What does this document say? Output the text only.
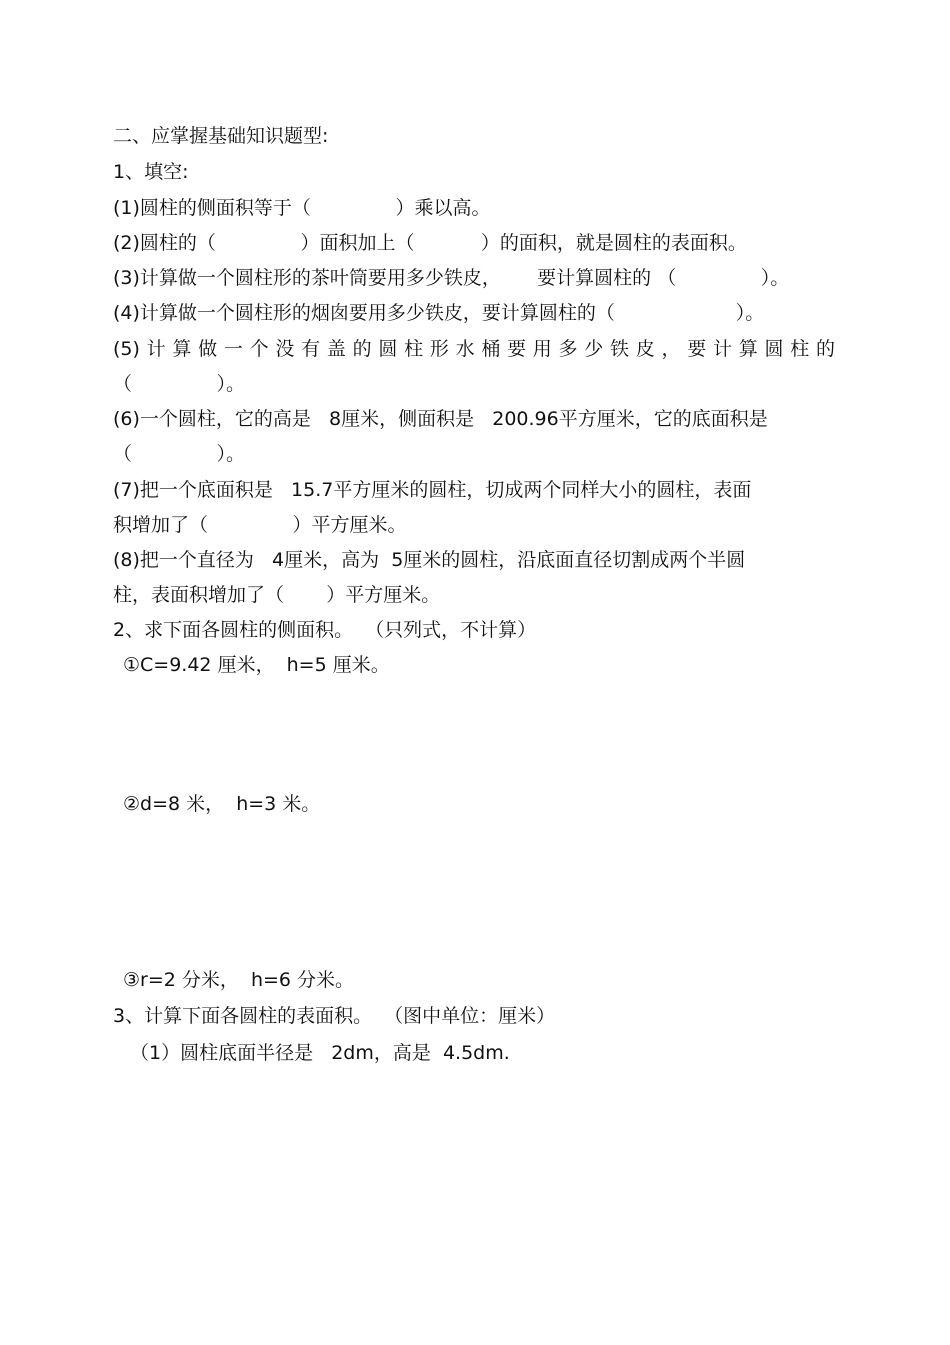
二、应掌握基础知识题型:
1、填空:
(1)圆柱的侧面积等于（              ）乘以高。
(2)圆柱的（              ）面积加上（           ）的面积，就是圆柱的表面积。
(3)计算做一个圆柱形的茶叶筒要用多少铁皮，      要计算圆柱的 （              ）。
(4)计算做一个圆柱形的烟囱要用多少铁皮，要计算圆柱的（                    ）。
(5)计算做一个没有盖的圆柱形水桶要用多少铁皮，要计算圆柱的
（              ）。
(6)一个圆柱，它的高是   8厘米，侧面积是   200.96平方厘米，它的底面积是
（              ）。
(7)把一个底面积是   15.7平方厘米的圆柱，切成两个同样大小的圆柱，表面
积增加了（              ）平方厘米。
(8)把一个直径为   4厘米，高为  5厘米的圆柱，沿底面直径切割成两个半圆
柱，表面积增加了（       ）平方厘米。
2、求下面各圆柱的侧面积。  （只列式，不计算）
①C=9.42 厘米，  h=5 厘米。
②d=8 米，  h=3 米。
③r=2 分米，  h=6 分米。
3、计算下面各圆柱的表面积。  （图中单位：厘米）
（1）圆柱底面半径是   2dm，高是  4.5dm.
